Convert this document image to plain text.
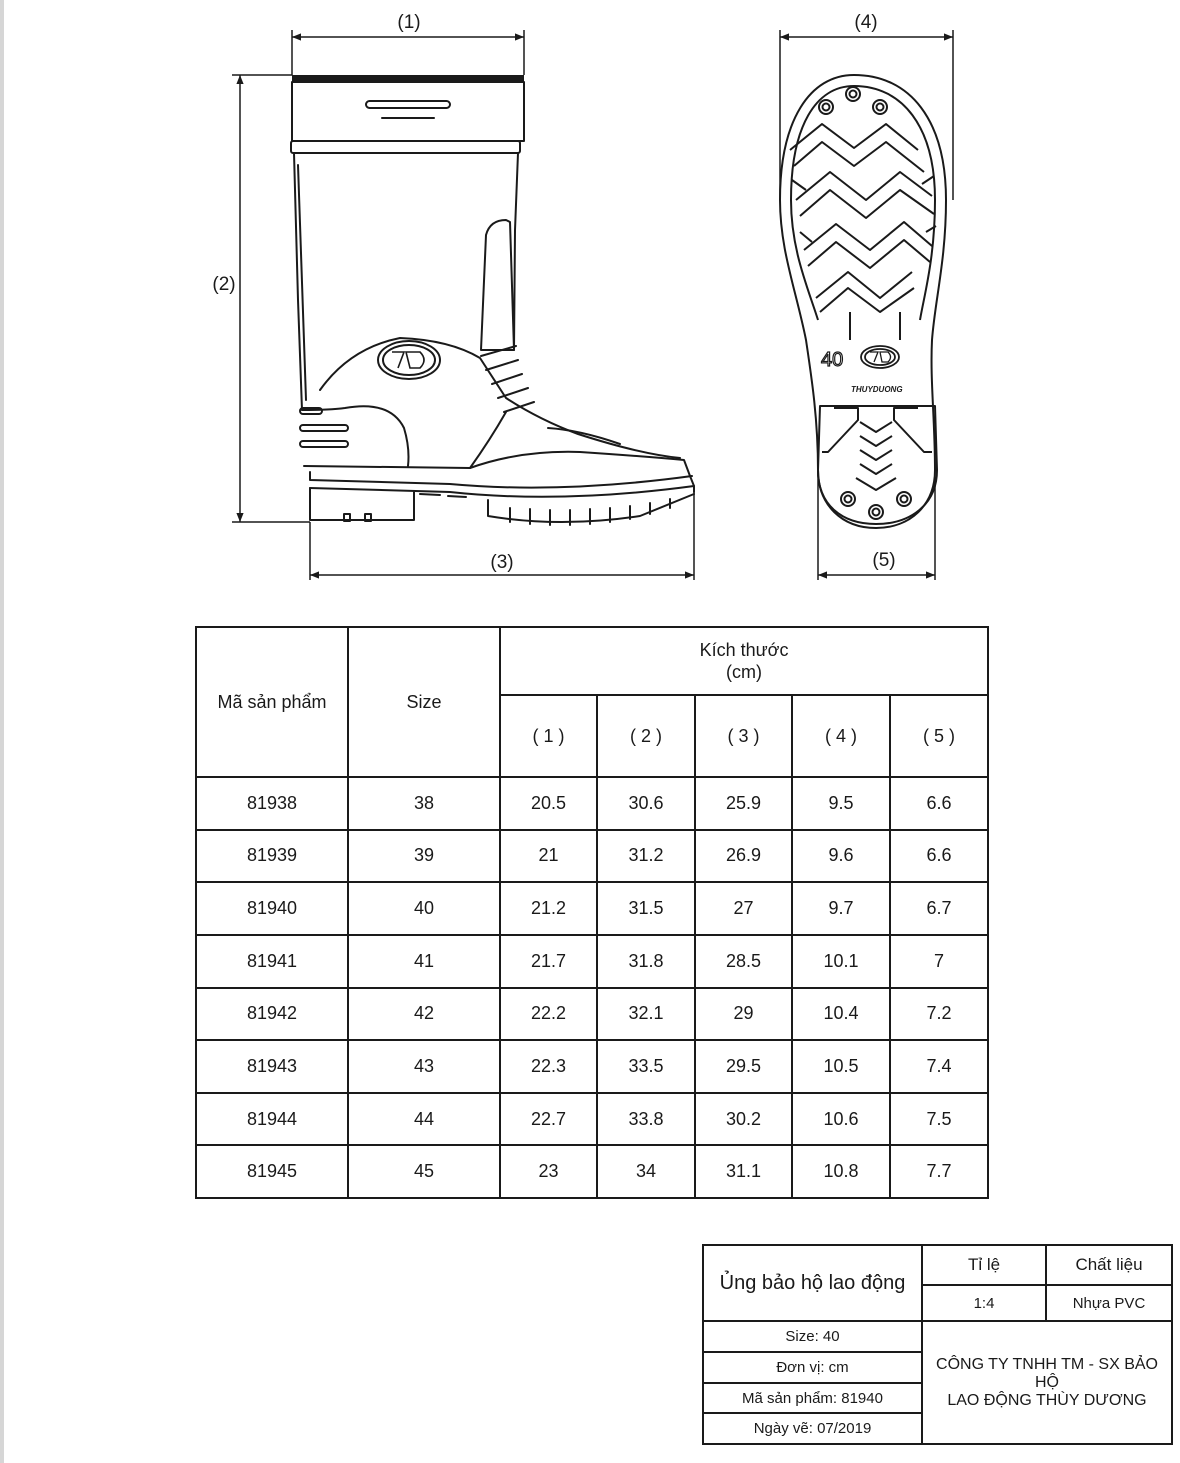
40
THUYDUONG
(1)
(2)
(3)
(4)
(5)
Mã sản phẩm	Size	Kích thước
(cm)				
		( 1 )	( 2 )	( 3 )	( 4 )	( 5 )
81938	38	20.5	30.6	25.9	9.5	6.6
81939	39	21	31.2	26.9	9.6	6.6
81940	40	21.2	31.5	27	9.7	6.7
81941	41	21.7	31.8	28.5	10.1	7
81942	42	22.2	32.1	29	10.4	7.2
81943	43	22.3	33.5	29.5	10.5	7.4
81944	44	22.7	33.8	30.2	10.6	7.5
81945	45	23	34	31.1	10.8	7.7
Ủng bảo hộ lao động	Tỉ lệ	Chất liệu
	1:4	Nhựa PVC
Size: 40	CÔNG TY TNHH TM - SX BẢO HỘ
LAO ĐỘNG THÙY DƯƠNG	
Đơn vị: cm		
Mã sản phẩm: 81940		
Ngày vẽ: 07/2019		
